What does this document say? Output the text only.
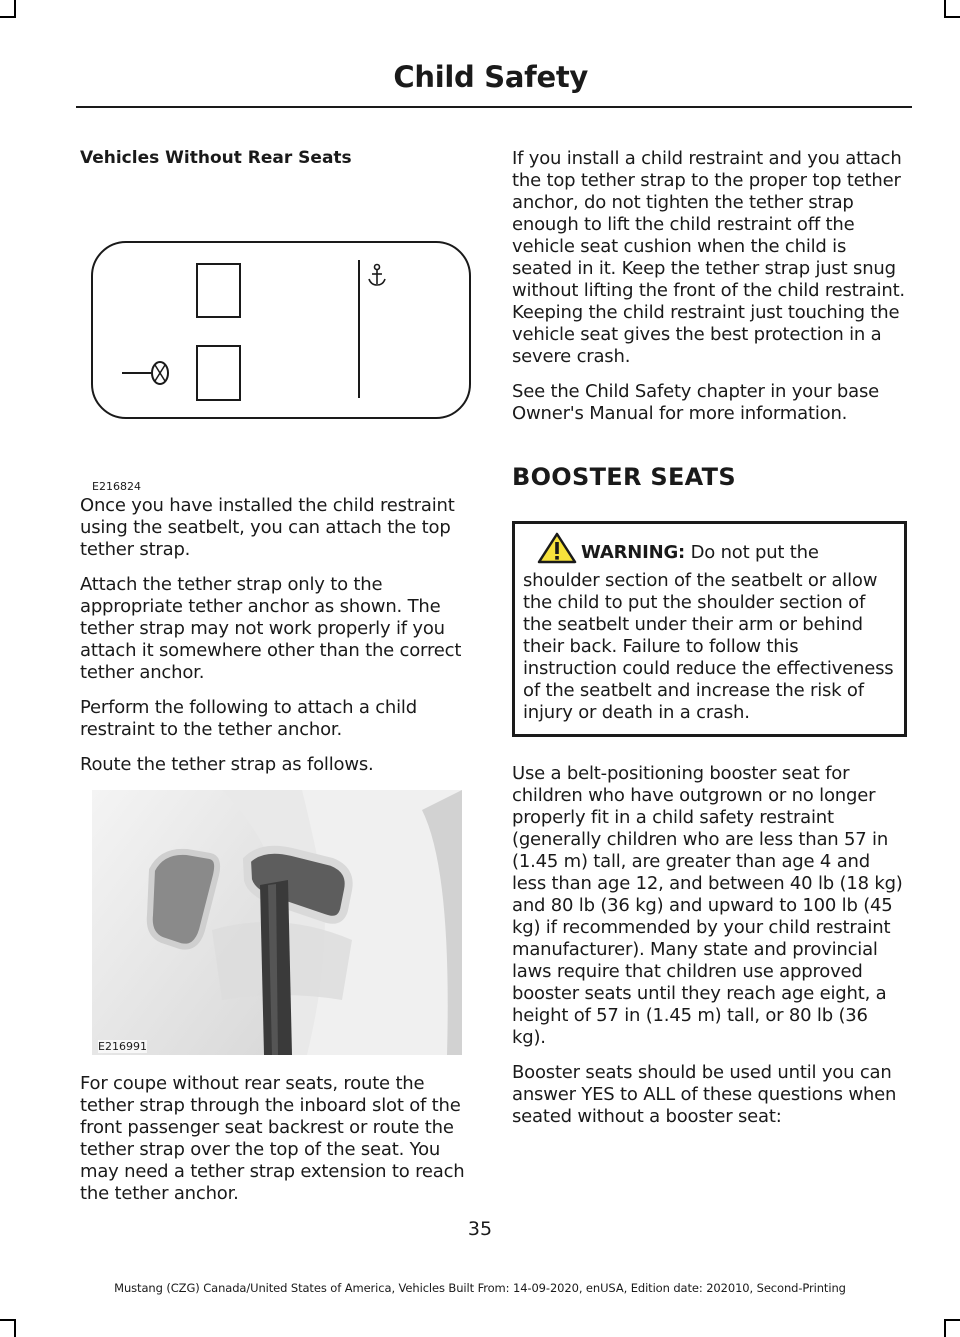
Child Safety
Vehicles Without Rear Seats
E216824

Once you have installed the child restraint using the seatbelt, you can attach the top tether strap.

Attach the tether strap only to the appropriate tether anchor as shown. The tether strap may not work properly if you attach it somewhere other than the correct tether anchor.

Perform the following to attach a child restraint to the tether anchor.

Route the tether strap as follows.

E216991

For coupe without rear seats, route the tether strap through the inboard slot of the front passenger seat backrest or route the tether strap over the top of the seat. You may need a tether strap extension to reach the tether anchor.

If you install a child restraint and you attach the top tether strap to the proper top tether anchor, do not tighten the tether strap enough to lift the child restraint off the vehicle seat cushion when the child is seated in it. Keep the tether strap just snug without lifting the front of the child restraint. Keeping the child restraint just touching the vehicle seat gives the best protection in a severe crash.

See the Child Safety chapter in your base Owner's Manual for more information.

BOOSTER SEATS
WARNING: Do not put the shoulder section of the seatbelt or allow the child to put the shoulder section of the seatbelt under their arm or behind their back. Failure to follow this instruction could reduce the effectiveness of the seatbelt and increase the risk of injury or death in a crash.

Use a belt-positioning booster seat for children who have outgrown or no longer properly fit in a child safety restraint (generally children who are less than 57 in (1.45 m) tall, are greater than age 4 and less than age 12, and between 40 lb (18 kg) and 80 lb (36 kg) and upward to 100 lb (45 kg) if recommended by your child restraint manufacturer). Many state and provincial laws require that children use approved booster seats until they reach age eight, a height of 57 in (1.45 m) tall, or 80 lb (36 kg).

Booster seats should be used until you can answer YES to ALL of these questions when seated without a booster seat:

35
Mustang (CZG) Canada/United States of America, Vehicles Built From: 14-09-2020, enUSA, Edition date: 202010, Second-Printing
